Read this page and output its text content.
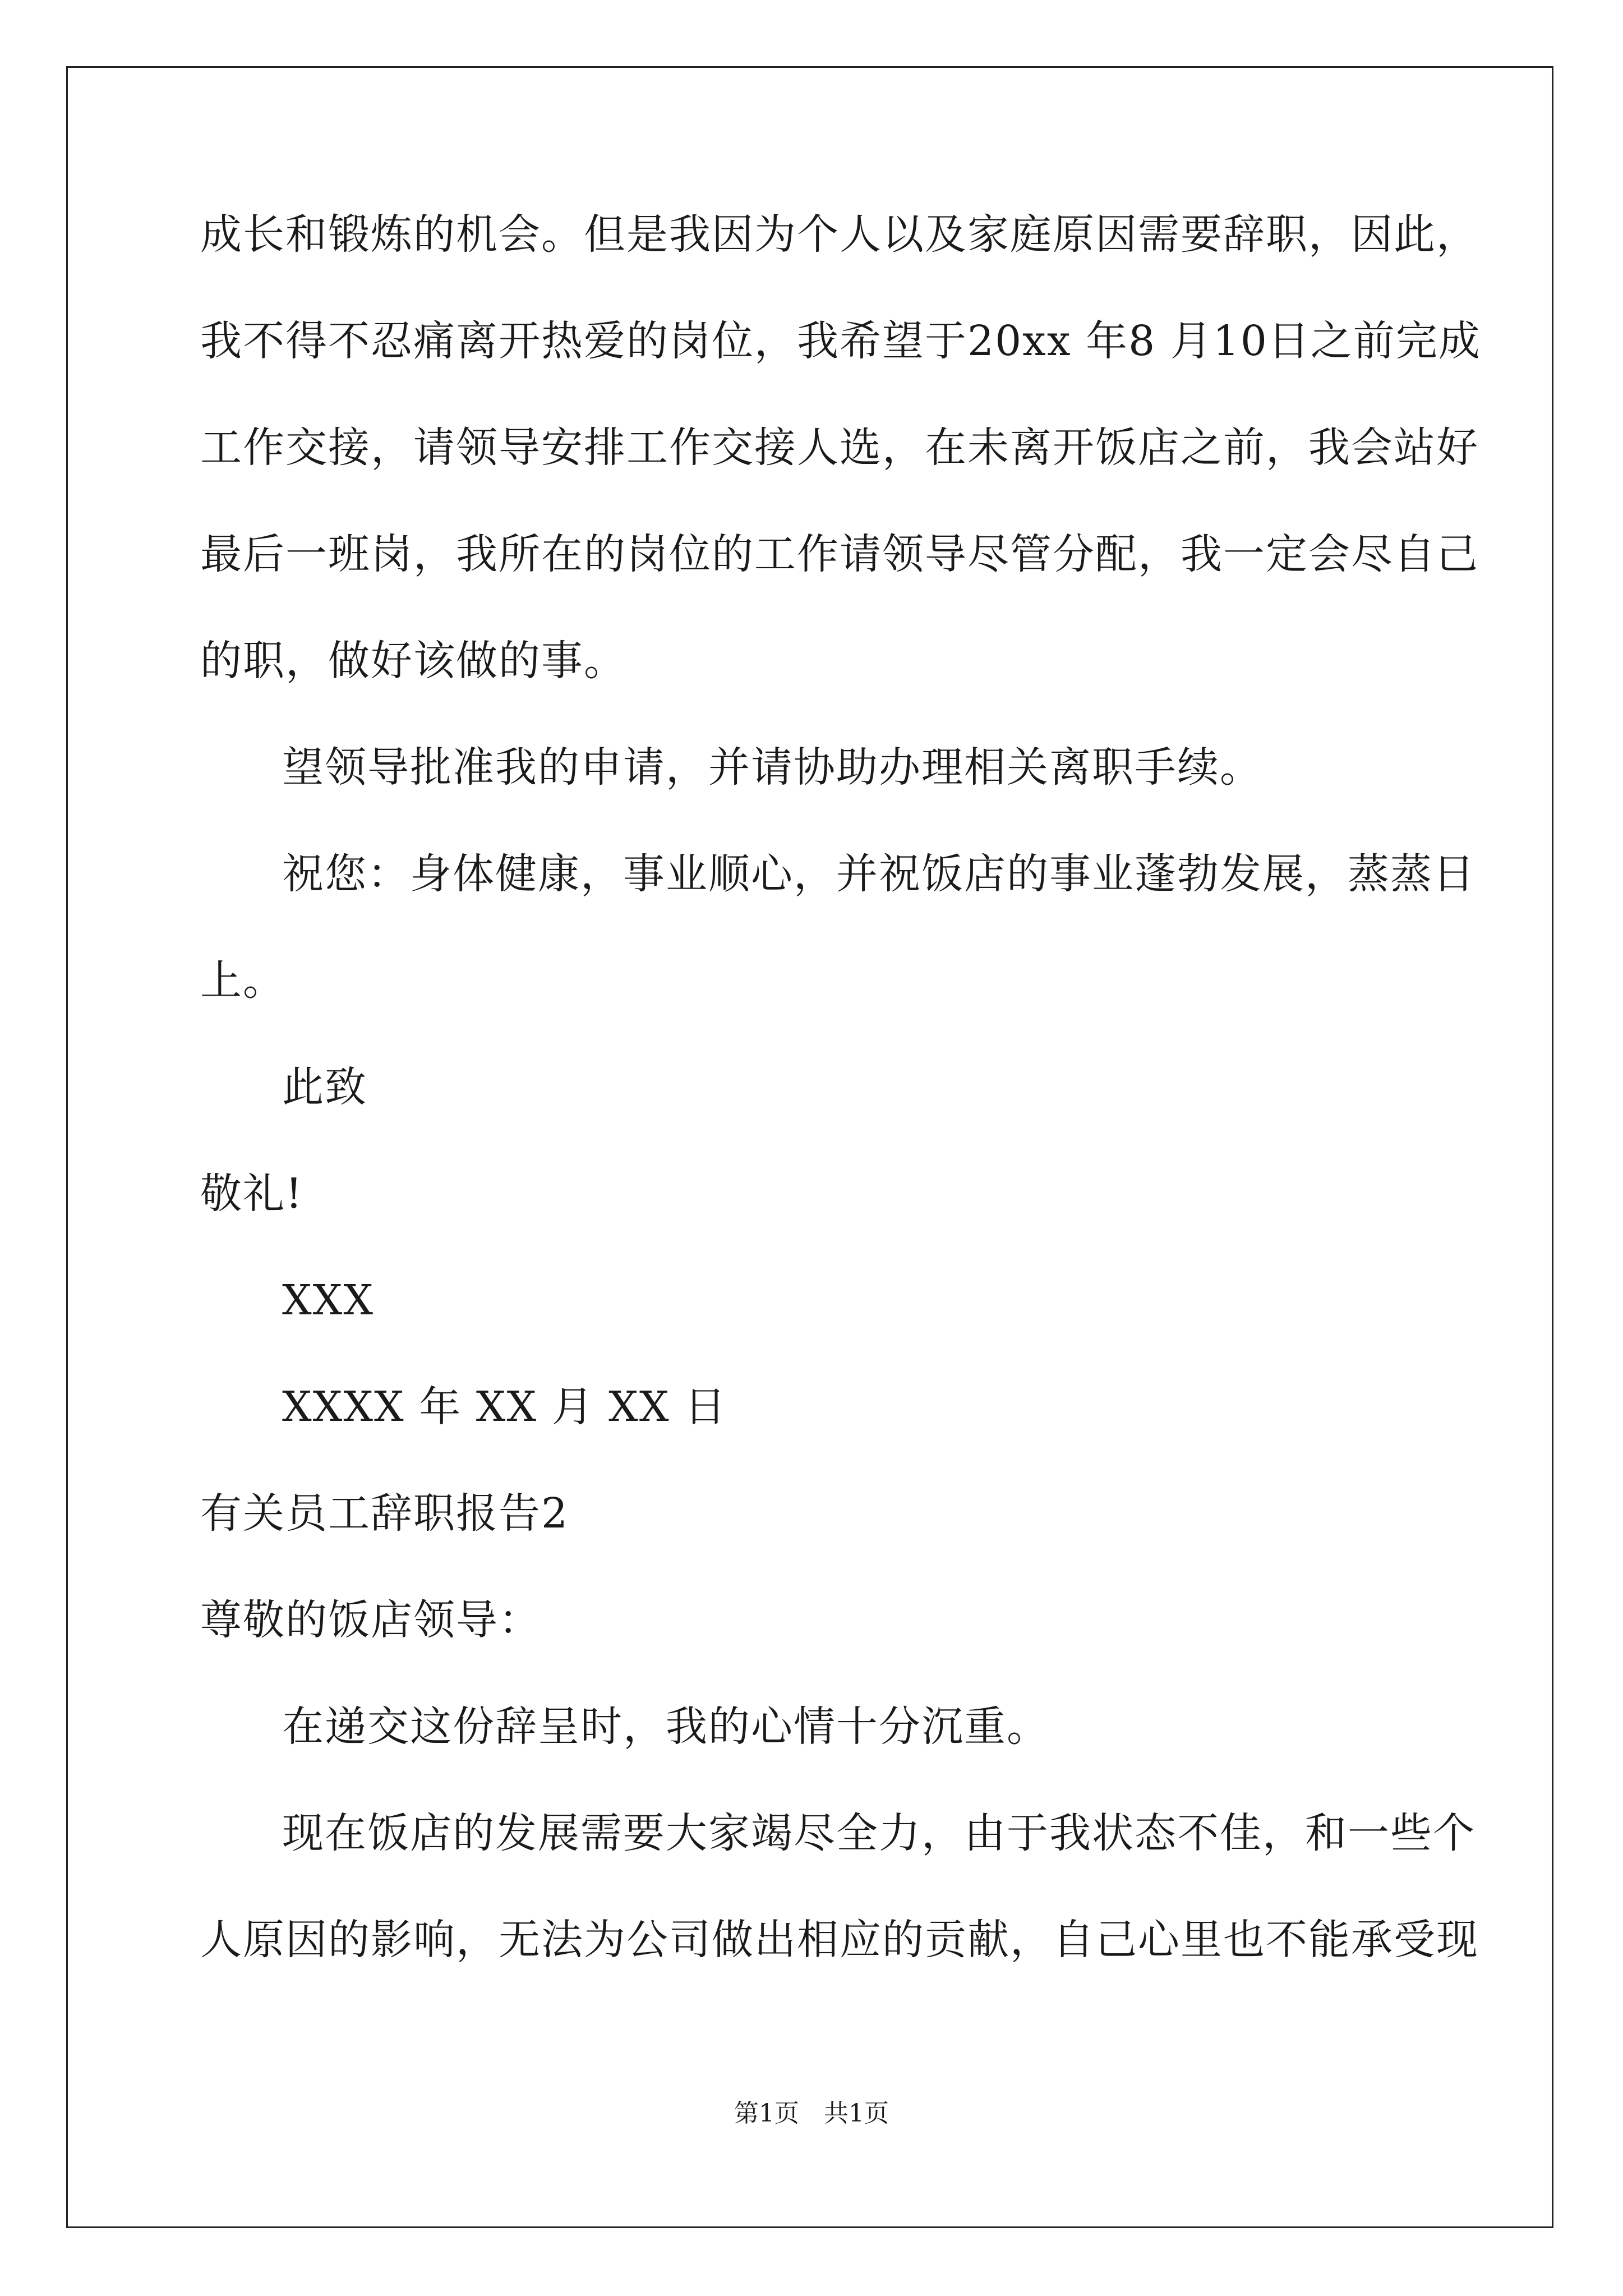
成长和锻炼的机会。但是我因为个人以及家庭原因需要辞职，因此，
我不得不忍痛离开热爱的岗位，我希望于20xx 年8 月10日之前完成
工作交接，请领导安排工作交接人选，在未离开饭店之前，我会站好
最后一班岗，我所在的岗位的工作请领导尽管分配，我一定会尽自己
的职，做好该做的事。
望领导批准我的申请，并请协助办理相关离职手续。
祝您：身体健康，事业顺心，并祝饭店的事业蓬勃发展，蒸蒸日
上。
此致
敬礼!
XXX
XXXX 年 XX 月 XX 日
有关员工辞职报告2
尊敬的饭店领导：
在递交这份辞呈时，我的心情十分沉重。
现在饭店的发展需要大家竭尽全力，由于我状态不佳，和一些个
人原因的影响，无法为公司做出相应的贡献，自己心里也不能承受现
第1页　共1页
